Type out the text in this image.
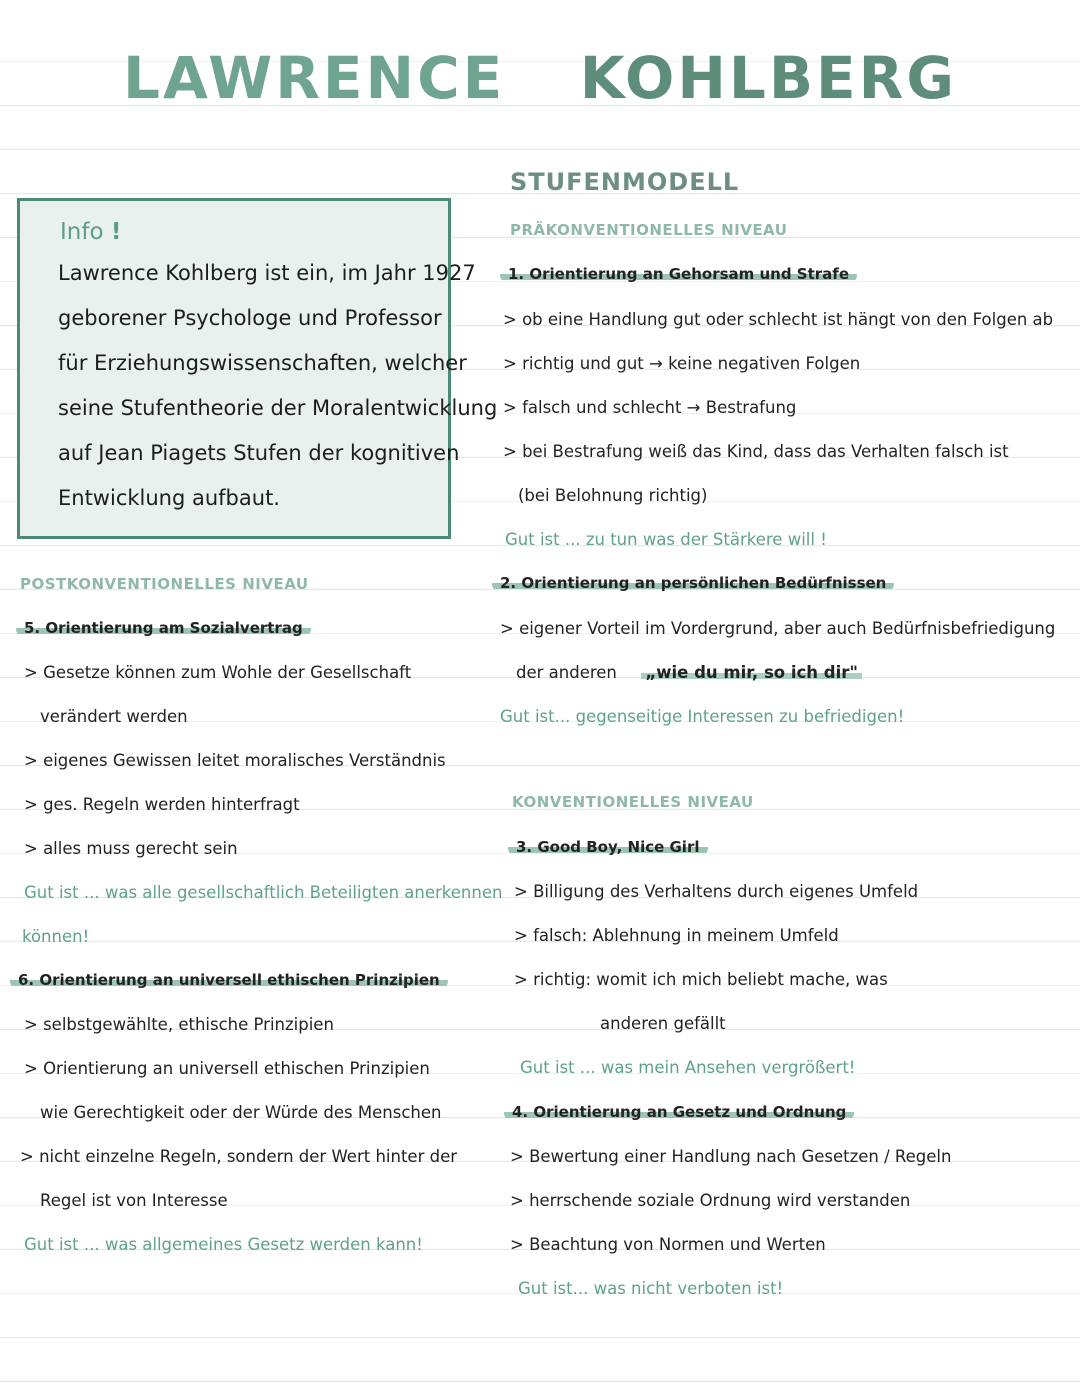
LAWRENCE KOHLBERG
Info !
Lawrence Kohlberg ist ein, im Jahr 1927
geborener Psychologe und Professor
für Erziehungswissenschaften, welcher
seine Stufentheorie der Moralentwicklung
auf Jean Piagets Stufen der kognitiven
Entwicklung aufbaut.
STUFENMODELL
PRÄKONVENTIONELLES NIVEAU
1. Orientierung an Gehorsam und Strafe
> ob eine Handlung gut oder schlecht ist hängt von den Folgen ab
> richtig und gut → keine negativen Folgen
> falsch und schlecht → Bestrafung
> bei Bestrafung weiß das Kind, dass das Verhalten falsch ist
(bei Belohnung richtig)
Gut ist ... zu tun was der Stärkere will !
2. Orientierung an persönlichen Bedürfnissen
> eigener Vorteil im Vordergrund, aber auch Bedürfnisbefriedigung
der anderen „wie du mir, so ich dir"
Gut ist... gegenseitige Interessen zu befriedigen!
KONVENTIONELLES NIVEAU
3. Good Boy, Nice Girl
> Billigung des Verhaltens durch eigenes Umfeld
> falsch: Ablehnung in meinem Umfeld
> richtig: womit ich mich beliebt mache, was
anderen gefällt
Gut ist ... was mein Ansehen vergrößert!
4. Orientierung an Gesetz und Ordnung
> Bewertung einer Handlung nach Gesetzen / Regeln
> herrschende soziale Ordnung wird verstanden
> Beachtung von Normen und Werten
Gut ist... was nicht verboten ist!
POSTKONVENTIONELLES NIVEAU
5. Orientierung am Sozialvertrag
> Gesetze können zum Wohle der Gesellschaft
verändert werden
> eigenes Gewissen leitet moralisches Verständnis
> ges. Regeln werden hinterfragt
> alles muss gerecht sein
Gut ist ... was alle gesellschaftlich Beteiligten anerkennen
können!
6. Orientierung an universell ethischen Prinzipien
> selbstgewählte, ethische Prinzipien
> Orientierung an universell ethischen Prinzipien
wie Gerechtigkeit oder der Würde des Menschen
> nicht einzelne Regeln, sondern der Wert hinter der
Regel ist von Interesse
Gut ist ... was allgemeines Gesetz werden kann!
